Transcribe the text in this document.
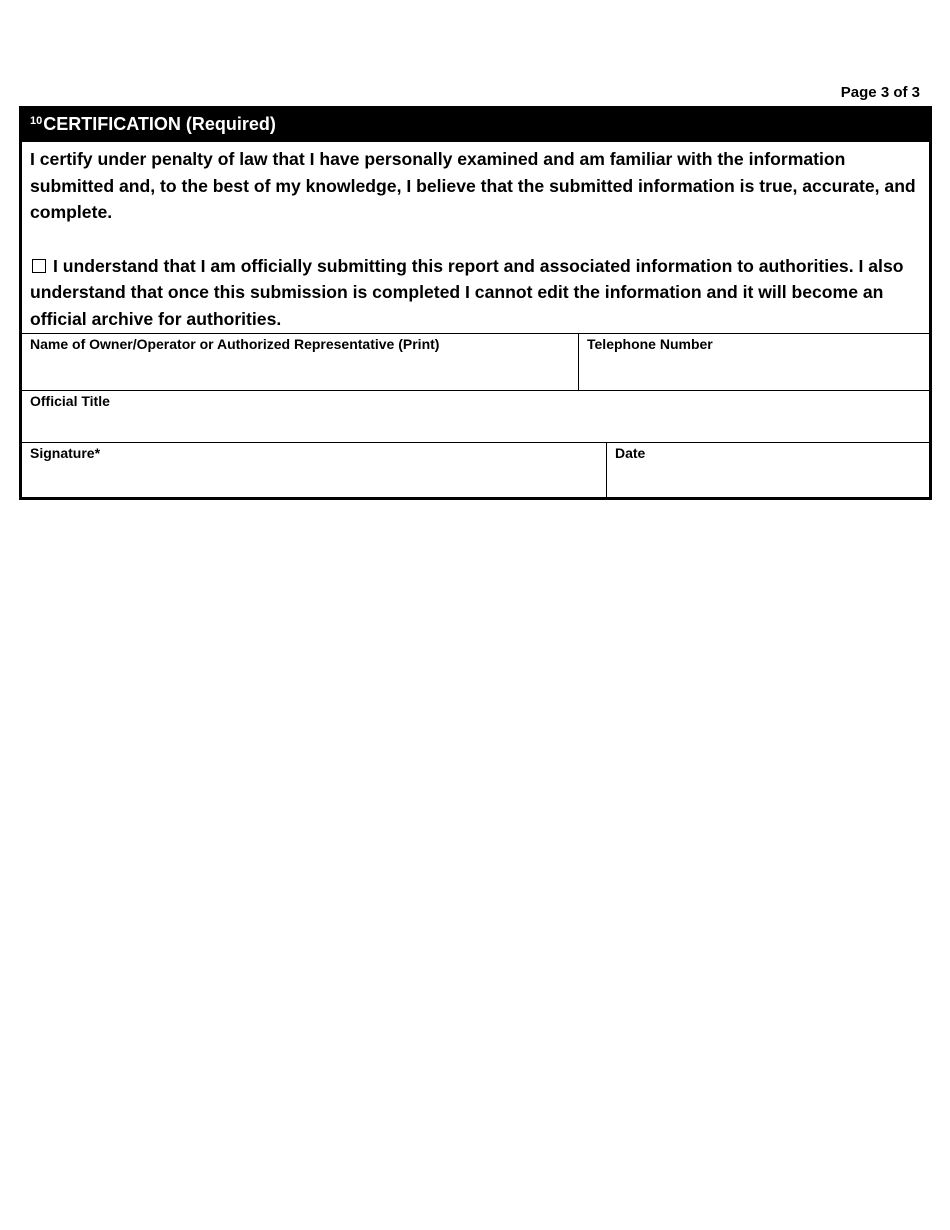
Page 3 of 3
$^{10}$ CERTIFICATION (Required)
I certify under penalty of law that I have personally examined and am familiar with the information submitted and, to the best of my knowledge, I believe that the submitted information is true, accurate, and complete.
I understand that I am officially submitting this report and associated information to authorities. I also understand that once this submission is completed I cannot edit the information and it will become an official archive for authorities.
Name of Owner/Operator or Authorized Representative (Print)	Telephone Number
Official Title
Signature*	Date
